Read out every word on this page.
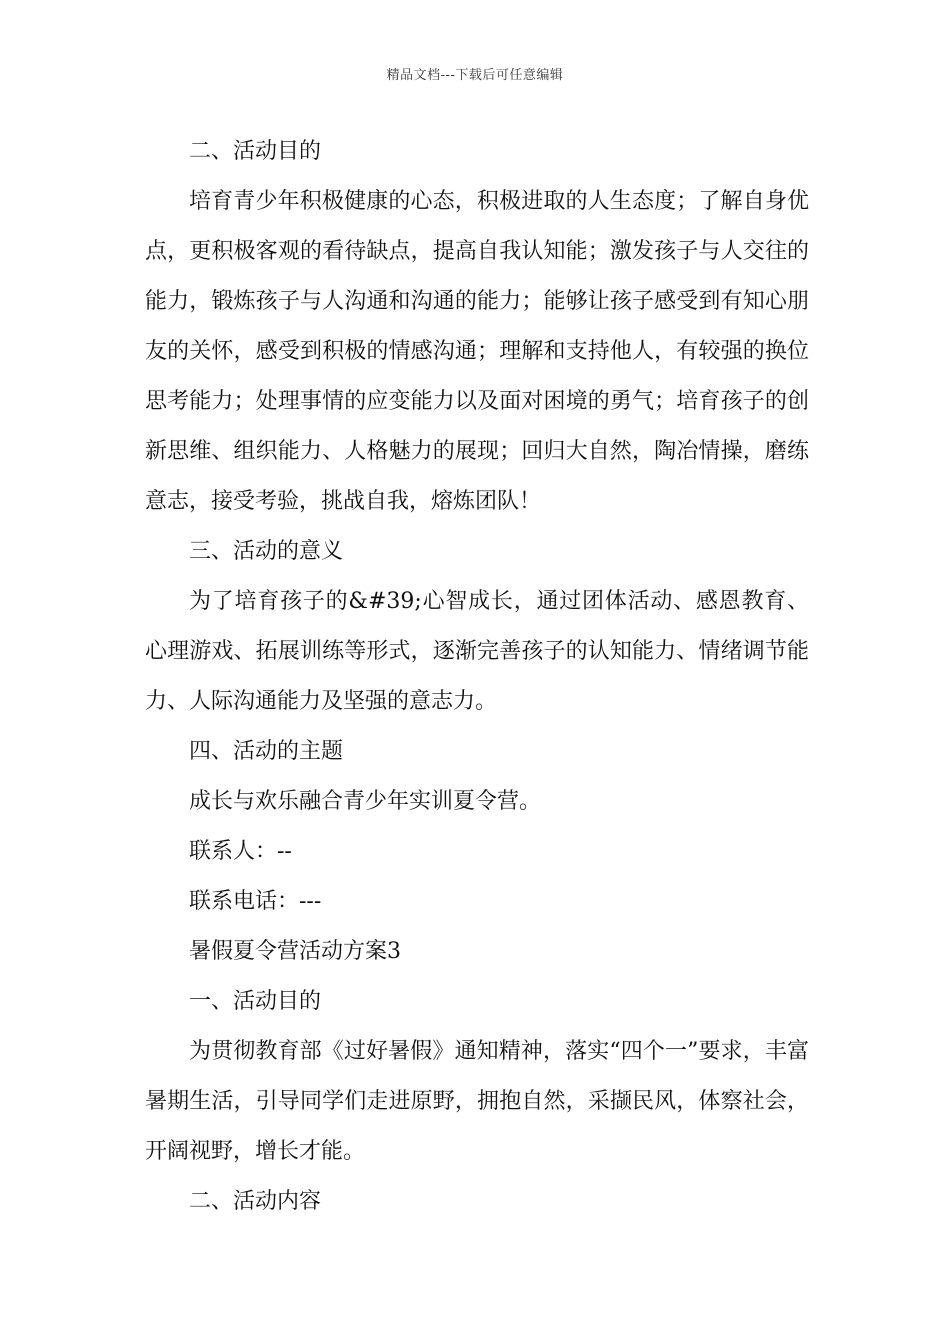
精品文档---下载后可任意编辑

二、活动目的

培育青少年积极健康的心态，积极进取的人生态度；了解自身优点，更积极客观的看待缺点，提高自我认知能；激发孩子与人交往的能力，锻炼孩子与人沟通和沟通的能力；能够让孩子感受到有知心朋友的关怀，感受到积极的情感沟通；理解和支持他人，有较强的换位思考能力；处理事情的应变能力以及面对困境的勇气；培育孩子的创新思维、组织能力、人格魅力的展现；回归大自然，陶冶情操，磨练意志，接受考验，挑战自我，熔炼团队！

三、活动的意义

为了培育孩子的&#39;心智成长，通过团体活动、感恩教育、心理游戏、拓展训练等形式，逐渐完善孩子的认知能力、情绪调节能力、人际沟通能力及坚强的意志力。

四、活动的主题

成长与欢乐融合青少年实训夏令营。

联系人：--

联系电话：---

暑假夏令营活动方案3

一、活动目的

为贯彻教育部《过好暑假》通知精神，落实“四个一”要求，丰富暑期生活，引导同学们走进原野，拥抱自然，采撷民风，体察社会，开阔视野，增长才能。

二、活动内容
